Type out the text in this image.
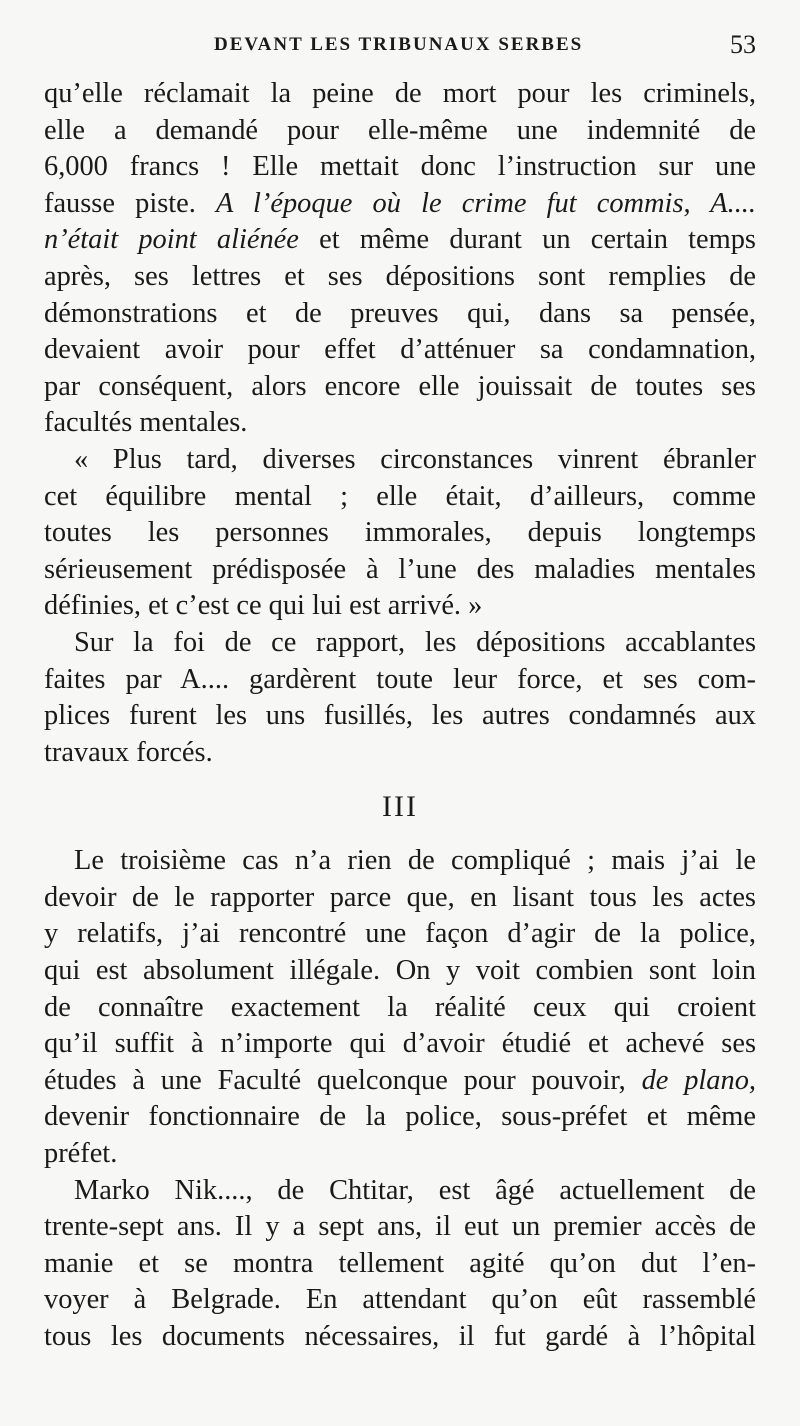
DEVANT LES TRIBUNAUX SERBES	53
qu’elle réclamait la peine de mort pour les criminels,
elle a demandé pour elle-même une indemnité de
6,000 francs ! Elle mettait donc l’instruction sur une
fausse piste. A l’époque où le crime fut commis, A....
n’était point aliénée et même durant un certain temps
après, ses lettres et ses dépositions sont remplies de
démonstrations et de preuves qui, dans sa pensée,
devaient avoir pour effet d’atténuer sa condamnation,
par conséquent, alors encore elle jouissait de toutes ses
facultés mentales.
« Plus tard, diverses circonstances vinrent ébranler
cet équilibre mental ; elle était, d’ailleurs, comme
toutes les personnes immorales, depuis longtemps
sérieusement prédisposée à l’une des maladies mentales
définies, et c’est ce qui lui est arrivé. »
Sur la foi de ce rapport, les dépositions accablantes
faites par A.... gardèrent toute leur force, et ses com-
plices furent les uns fusillés, les autres condamnés aux
travaux forcés.
III
Le troisième cas n’a rien de compliqué ; mais j’ai le
devoir de le rapporter parce que, en lisant tous les actes
y relatifs, j’ai rencontré une façon d’agir de la police,
qui est absolument illégale. On y voit combien sont loin
de connaître exactement la réalité ceux qui croient
qu’il suffit à n’importe qui d’avoir étudié et achevé ses
études à une Faculté quelconque pour pouvoir, de plano,
devenir fonctionnaire de la police, sous-préfet et même
préfet.
Marko Nik...., de Chtitar, est âgé actuellement de
trente-sept ans. Il y a sept ans, il eut un premier accès de
manie et se montra tellement agité qu’on dut l’en-
voyer à Belgrade. En attendant qu’on eût rassemblé
tous les documents nécessaires, il fut gardé à l’hôpital
